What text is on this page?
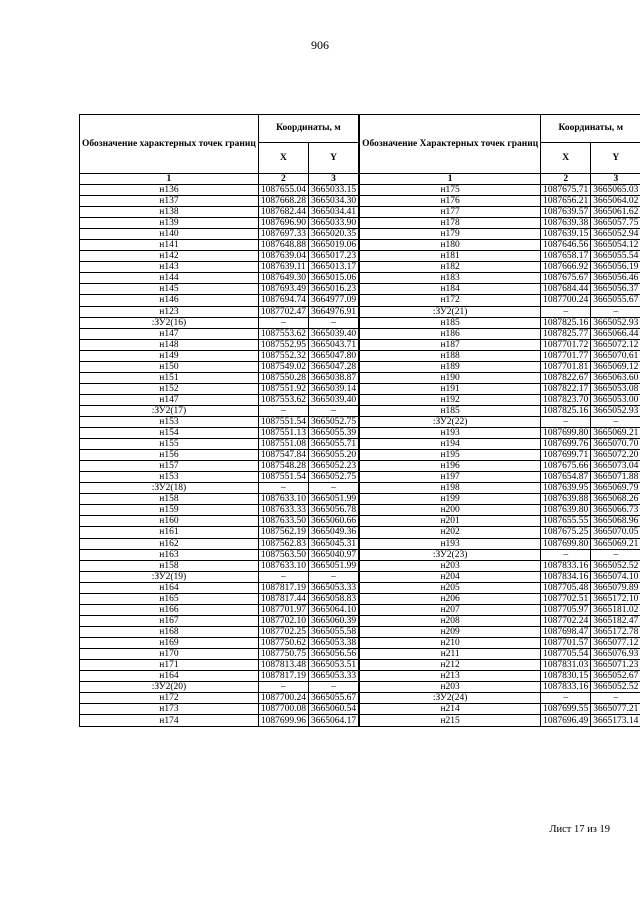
906
Обозначение характерных точек границ	Координаты, м	
	X	Y
1	2	3
н136	1087655.04	3665033.15
н137	1087668.28	3665034.30
н138	1087682.44	3665034.41
н139	1087696.90	3665033.90
н140	1087697.33	3665020.35
н141	1087648.88	3665019.06
н142	1087639.04	3665017.23
н143	1087639.11	3665013.17
н144	1087649.30	3665015.06
н145	1087693.49	3665016.23
н146	1087694.74	3664977.09
н123	1087702.47	3664976.91
:ЗУ2(16)	–	–
н147	1087553.62	3665039.40
н148	1087552.95	3665043.71
н149	1087552.32	3665047.80
н150	1087549.02	3665047.28
н151	1087550.28	3665038.87
н152	1087551.92	3665039.14
н147	1087553.62	3665039.40
:ЗУ2(17)	–	–
н153	1087551.54	3665052.75
н154	1087551.13	3665055.39
н155	1087551.08	3665055.71
н156	1087547.84	3665055.20
н157	1087548.28	3665052.23
н153	1087551.54	3665052.75
:ЗУ2(18)	–	–
н158	1087633.10	3665051.99
н159	1087633.33	3665056.78
н160	1087633.50	3665060.66
н161	1087562.19	3665049.36
н162	1087562.83	3665045.31
н163	1087563.50	3665040.97
н158	1087633.10	3665051.99
:ЗУ2(19)	–	–
н164	1087817.19	3665053.33
н165	1087817.44	3665058.83
н166	1087701.97	3665064.10
н167	1087702.10	3665060.39
н168	1087702.25	3665055.58
н169	1087750.62	3665053.38
н170	1087750.75	3665056.56
н171	1087813.48	3665053.51
н164	1087817.19	3665053.33
:ЗУ2(20)	–	–
н172	1087700.24	3665055.67
н173	1087700.08	3665060.54
н174	1087699.96	3665064.17
Обозначение Характерных точек границ	Координаты, м	
	X	Y
1	2	3
н175	1087675.71	3665065.03
н176	1087656.21	3665064.02
н177	1087639.57	3665061.62
н178	1087639.38	3665057.75
н179	1087639.15	3665052.94
н180	1087646.56	3665054.12
н181	1087658.17	3665055.54
н182	1087666.92	3665056.19
н183	1087675.67	3665056.46
н184	1087684.44	3665056.37
н172	1087700.24	3665055.67
:ЗУ2(21)	–	–
н185	1087825.16	3665052.93
н186	1087825.77	3665066.44
н187	1087701.72	3665072.12
н188	1087701.77	3665070.61
н189	1087701.81	3665069.12
н190	1087822.67	3665063.60
н191	1087822.17	3665053.08
н192	1087823.70	3665053.00
н185	1087825.16	3665052.93
:ЗУ2(22)	–	–
н193	1087699.80	3665069.21
н194	1087699.76	3665070.70
н195	1087699.71	3665072.20
н196	1087675.66	3665073.04
н197	1087654.87	3665071.88
н198	1087639.95	3665069.79
н199	1087639.88	3665068.26
н200	1087639.80	3665066.73
н201	1087655.55	3665068.96
н202	1087675.25	3665070.05
н193	1087699.80	3665069.21
:ЗУ2(23)	–	–
н203	1087833.16	3665052.52
н204	1087834.16	3665074.10
н205	1087705.48	3665079.89
н206	1087702.51	3665172.10
н207	1087705.97	3665181.02
н208	1087702.24	3665182.47
н209	1087698.47	3665172.78
н210	1087701.57	3665077.12
н211	1087705.54	3665076.93
н212	1087831.03	3665071.23
н213	1087830.15	3665052.67
н203	1087833.16	3665052.52
:ЗУ2(24)	–	–
н214	1087699.55	3665077.21
н215	1087696.49	3665173.14
Лист 17 из 19
